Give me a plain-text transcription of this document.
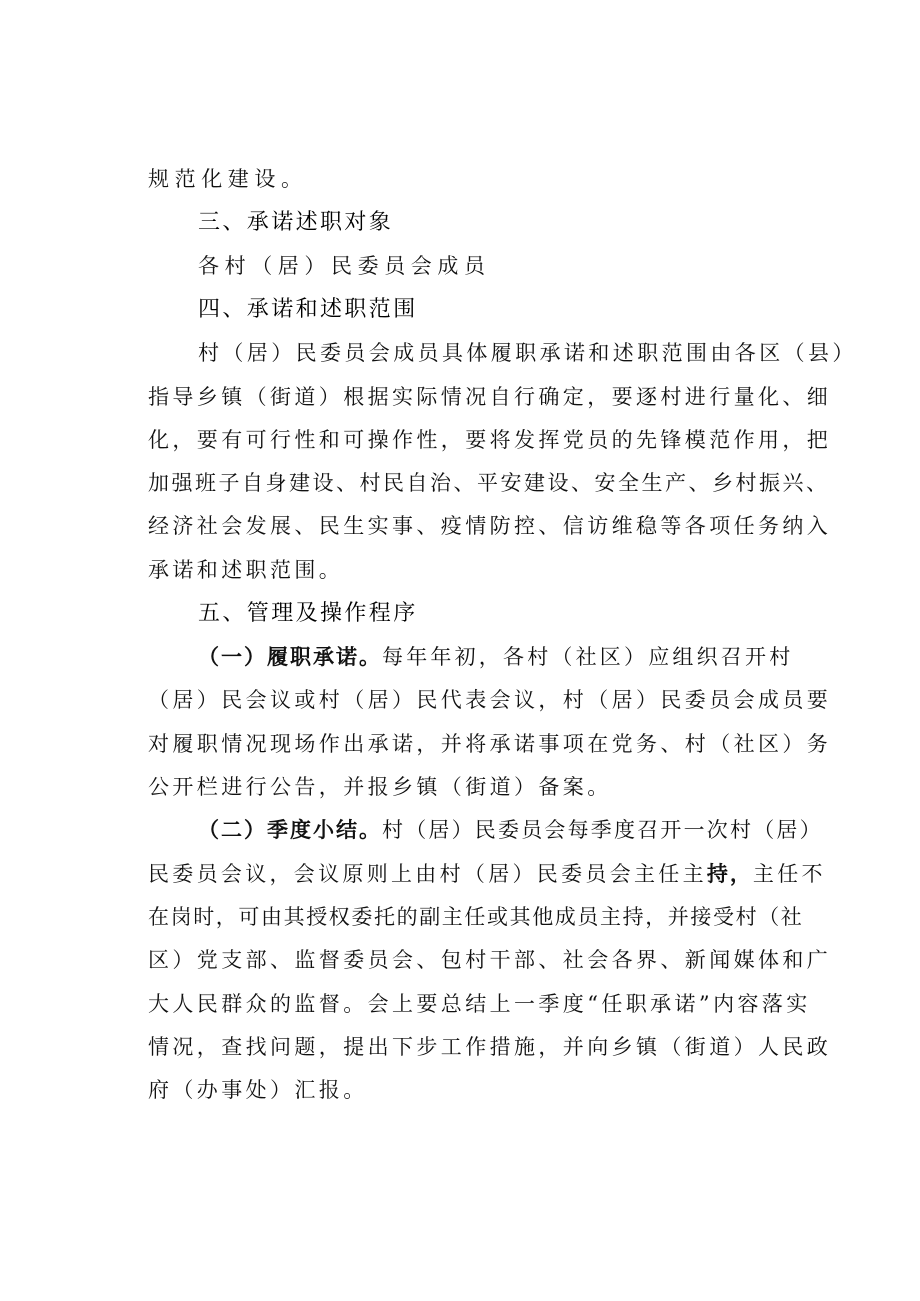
规范化建设。
三、承诺述职对象
各村（居）民委员会成员
四、承诺和述职范围
村（居）民委员会成员具体履职承诺和述职范围由各区（县）
指导乡镇（街道）根据实际情况自行确定，要逐村进行量化、细
化，要有可行性和可操作性，要将发挥党员的先锋模范作用，把
加强班子自身建设、村民自治、平安建设、安全生产、乡村振兴、
经济社会发展、民生实事、疫情防控、信访维稳等各项任务纳入
承诺和述职范围。
五、管理及操作程序
（一）履职承诺。每年年初，各村（社区）应组织召开村
（居）民会议或村（居）民代表会议，村（居）民委员会成员要
对履职情况现场作出承诺，并将承诺事项在党务、村（社区）务
公开栏进行公告，并报乡镇（街道）备案。
（二）季度小结。村（居）民委员会每季度召开一次村（居）
民委员会议，会议原则上由村（居）民委员会主任主持，主任不
在岗时，可由其授权委托的副主任或其他成员主持，并接受村（社
区）党支部、监督委员会、包村干部、社会各界、新闻媒体和广
大人民群众的监督。会上要总结上一季度“任职承诺”内容落实
情况，查找问题，提出下步工作措施，并向乡镇（街道）人民政
府（办事处）汇报。
